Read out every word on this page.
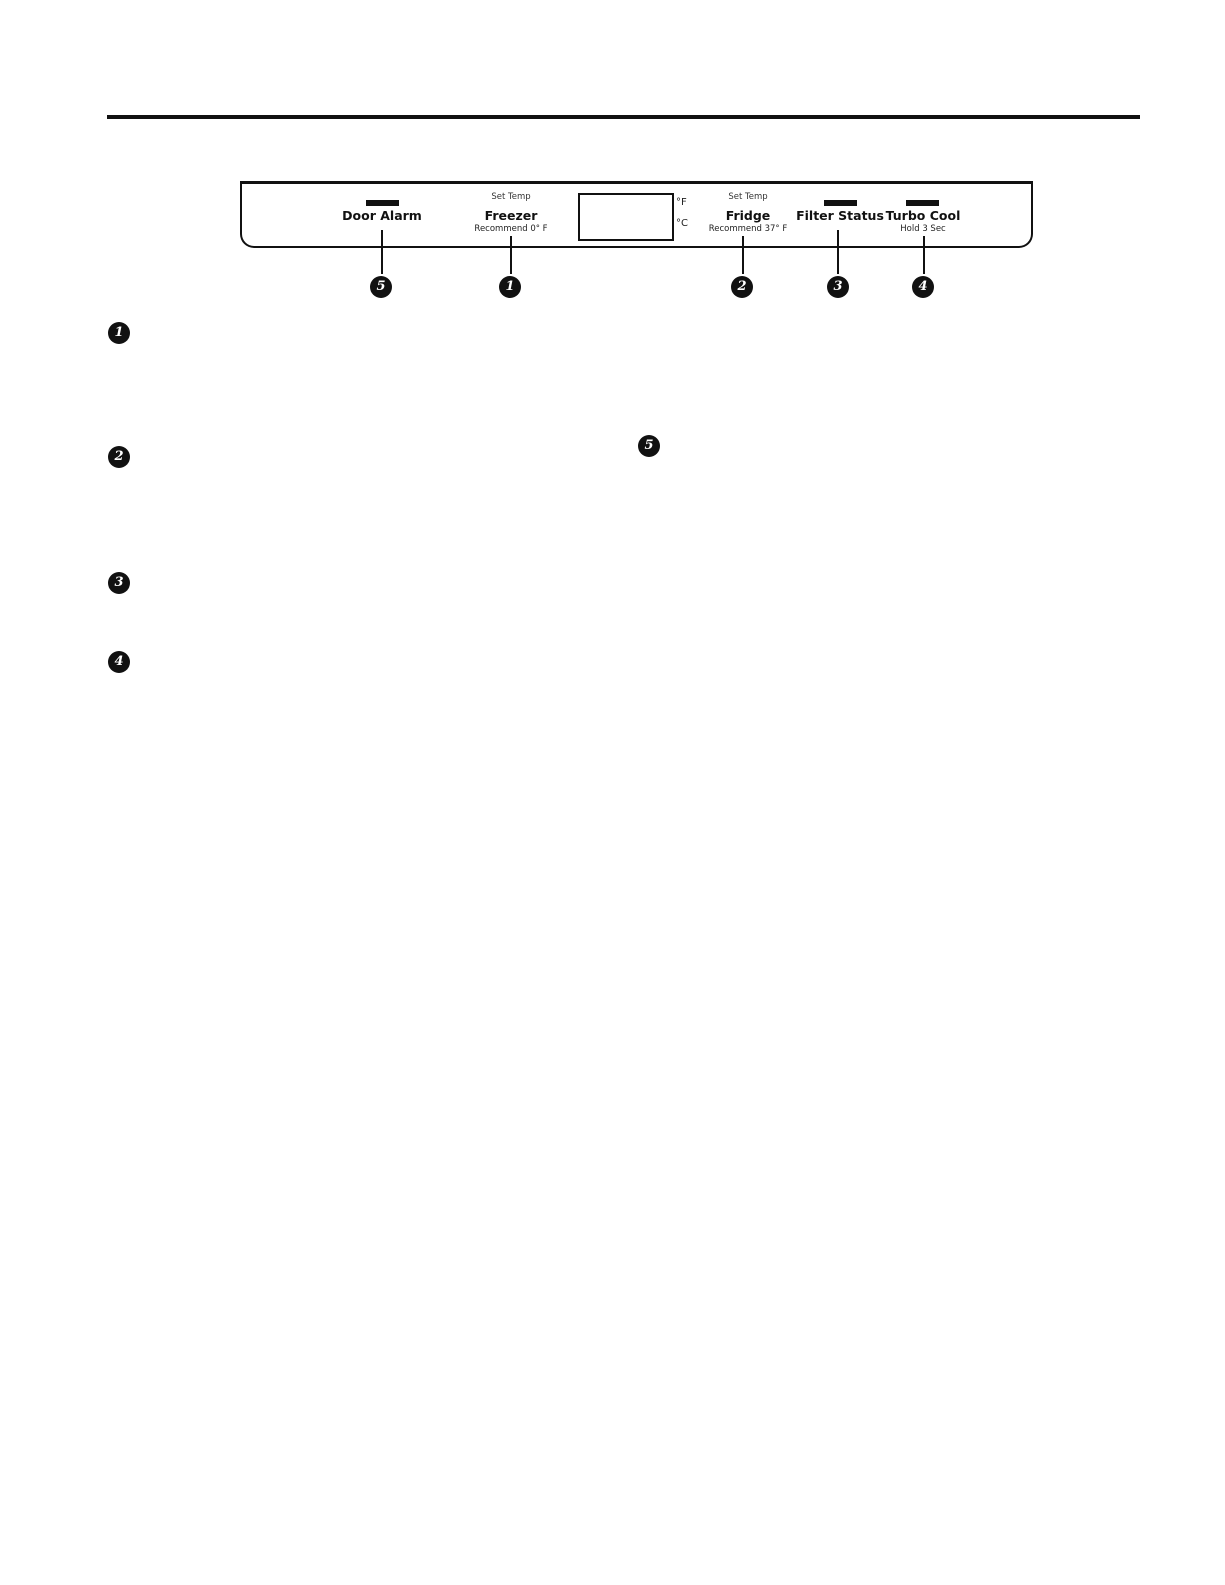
Door Alarm
Set Temp
Freezer
Recommend 0° F
°F
°C
Set Temp
Fridge
Recommend 37° F
Filter Status Turbo Cool
Hold 3 Sec
5	1	2	3	4
1
2
3
4
5
